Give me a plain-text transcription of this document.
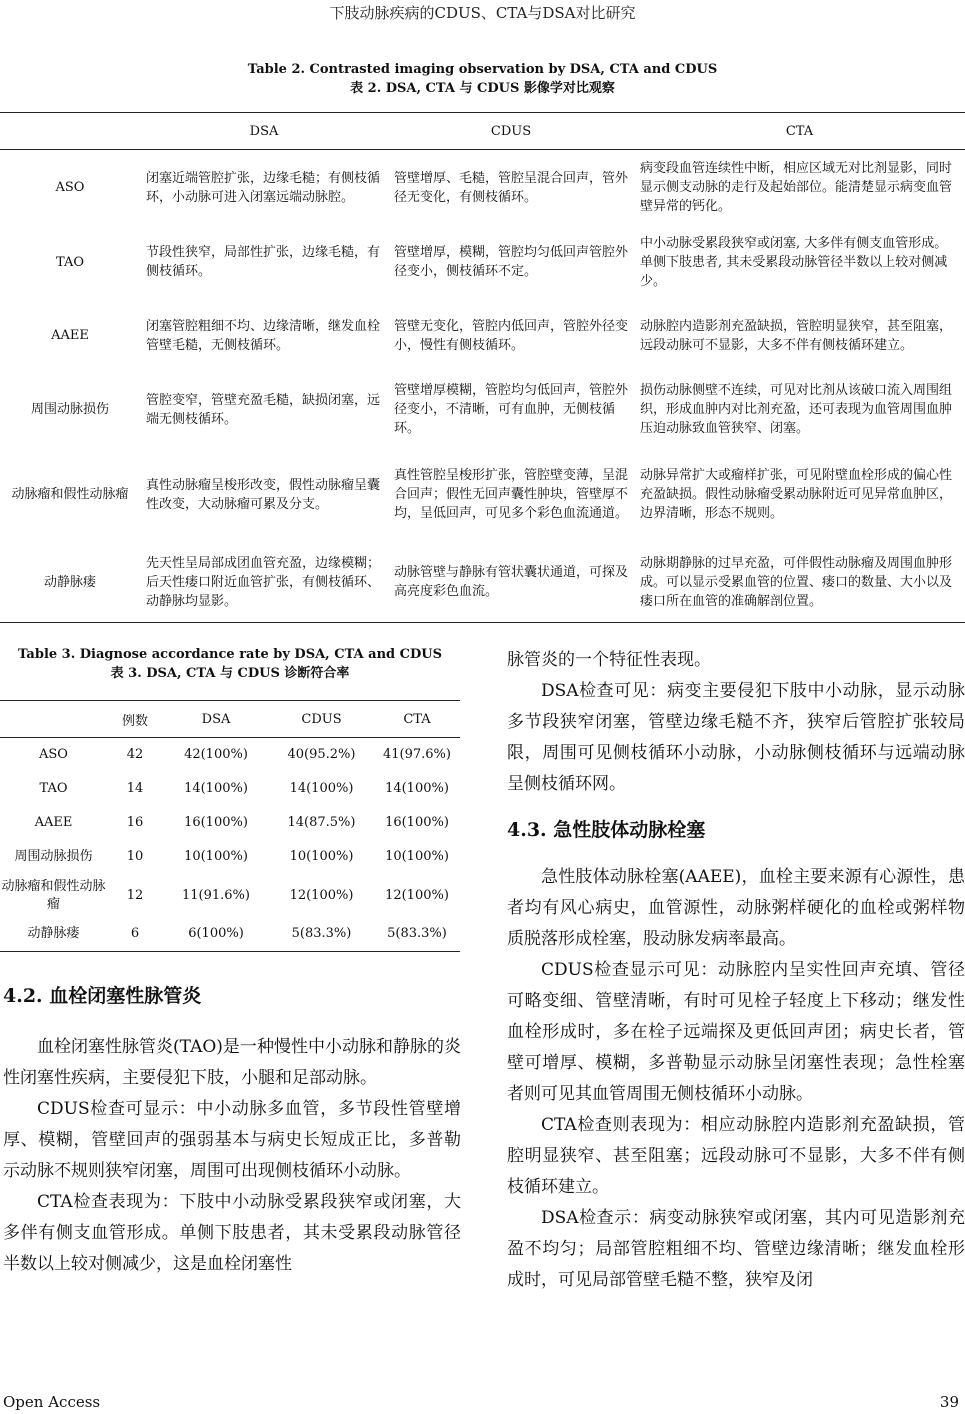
下肢动脉疾病的CDUS、CTA与DSA对比研究
Table 2. Contrasted imaging observation by DSA, CTA and CDUS
表 2. DSA, CTA 与 CDUS 影像学对比观察
	DSA	CDUS	CTA
ASO	闭塞近端管腔扩张，边缘毛糙；有侧枝循环，小动脉可进入闭塞远端动脉腔。	管壁增厚、毛糙，管腔呈混合回声，管外径无变化，有侧枝循环。	病变段血管连续性中断，相应区域无对比剂显影，同时显示侧支动脉的走行及起始部位。能清楚显示病变血管壁异常的钙化。
TAO	节段性狭窄，局部性扩张，边缘毛糙，有侧枝循环。	管壁增厚，模糊，管腔均匀低回声管腔外径变小，侧枝循环不定。	中小动脉受累段狭窄或闭塞, 大多伴有侧支血管形成。单侧下肢患者, 其未受累段动脉管径半数以上较对侧减少。
AAEE	闭塞管腔粗细不均、边缘清晰，继发血栓管壁毛糙，无侧枝循环。	管壁无变化，管腔内低回声，管腔外径变小，慢性有侧枝循环。	动脉腔内造影剂充盈缺损，管腔明显狭窄，甚至阻塞，远段动脉可不显影，大多不伴有侧枝循环建立。
周围动脉损伤	管腔变窄，管壁充盈毛糙，缺损闭塞，远端无侧枝循环。	管壁增厚模糊，管腔均匀低回声，管腔外径变小，不清晰，可有血肿，无侧枝循环。	损伤动脉侧壁不连续，可见对比剂从该破口流入周围组织，形成血肿内对比剂充盈，还可表现为血管周围血肿压迫动脉致血管狭窄、闭塞。
动脉瘤和假性动脉瘤	真性动脉瘤呈梭形改变，假性动脉瘤呈囊性改变，大动脉瘤可累及分支。	真性管腔呈梭形扩张，管腔壁变薄，呈混合回声；假性无回声囊性肿块，管壁厚不均，呈低回声，可见多个彩色血流通道。	动脉异常扩大或瘤样扩张，可见附壁血栓形成的偏心性充盈缺损。假性动脉瘤受累动脉附近可见异常血肿区，边界清晰，形态不规则。
动静脉瘘	先天性呈局部成团血管充盈，边缘模糊；后天性瘘口附近血管扩张，有侧枝循环、动静脉均显影。	动脉管壁与静脉有管状囊状通道，可探及高亮度彩色血流。	动脉期静脉的过早充盈，可伴假性动脉瘤及周围血肿形成。可以显示受累血管的位置、瘘口的数量、大小以及瘘口所在血管的准确解剖位置。
Table 3. Diagnose accordance rate by DSA, CTA and CDUS
表 3. DSA, CTA 与 CDUS 诊断符合率
	例数	DSA	CDUS	CTA
ASO	42	42(100%)	40(95.2%)	41(97.6%)
TAO	14	14(100%)	14(100%)	14(100%)
AAEE	16	16(100%)	14(87.5%)	16(100%)
周围动脉损伤	10	10(100%)	10(100%)	10(100%)
动脉瘤和假性动脉瘤	12	11(91.6%)	12(100%)	12(100%)
动静脉瘘	6	6(100%)	5(83.3%)	5(83.3%)
4.2. 血栓闭塞性脉管炎

血栓闭塞性脉管炎(TAO)是一种慢性中小动脉和静脉的炎性闭塞性疾病，主要侵犯下肢，小腿和足部动脉。

CDUS检查可显示：中小动脉多血管，多节段性管壁增厚、模糊，管壁回声的强弱基本与病史长短成正比，多普勒示动脉不规则狭窄闭塞，周围可出现侧枝循环小动脉。

CTA检查表现为：下肢中小动脉受累段狭窄或闭塞，大多伴有侧支血管形成。单侧下肢患者，其未受累段动脉管径半数以上较对侧减少，这是血栓闭塞性

脉管炎的一个特征性表现。

DSA检查可见：病变主要侵犯下肢中小动脉，显示动脉多节段狭窄闭塞，管壁边缘毛糙不齐，狭窄后管腔扩张较局限，周围可见侧枝循环小动脉，小动脉侧枝循环与远端动脉呈侧枝循环网。

4.3. 急性肢体动脉栓塞

急性肢体动脉栓塞(AAEE)，血栓主要来源有心源性，患者均有风心病史，血管源性，动脉粥样硬化的血栓或粥样物质脱落形成栓塞，股动脉发病率最高。

CDUS检查显示可见：动脉腔内呈实性回声充填、管径可略变细、管壁清晰，有时可见栓子轻度上下移动；继发性血栓形成时，多在栓子远端探及更低回声团；病史长者，管壁可增厚、模糊，多普勒显示动脉呈闭塞性表现；急性栓塞者则可见其血管周围无侧枝循环小动脉。

CTA检查则表现为：相应动脉腔内造影剂充盈缺损，管腔明显狭窄、甚至阻塞；远段动脉可不显影，大多不伴有侧枝循环建立。

DSA检查示：病变动脉狭窄或闭塞，其内可见造影剂充盈不均匀；局部管腔粗细不均、管壁边缘清晰；继发血栓形成时，可见局部管壁毛糙不整，狭窄及闭

Open Access	39
